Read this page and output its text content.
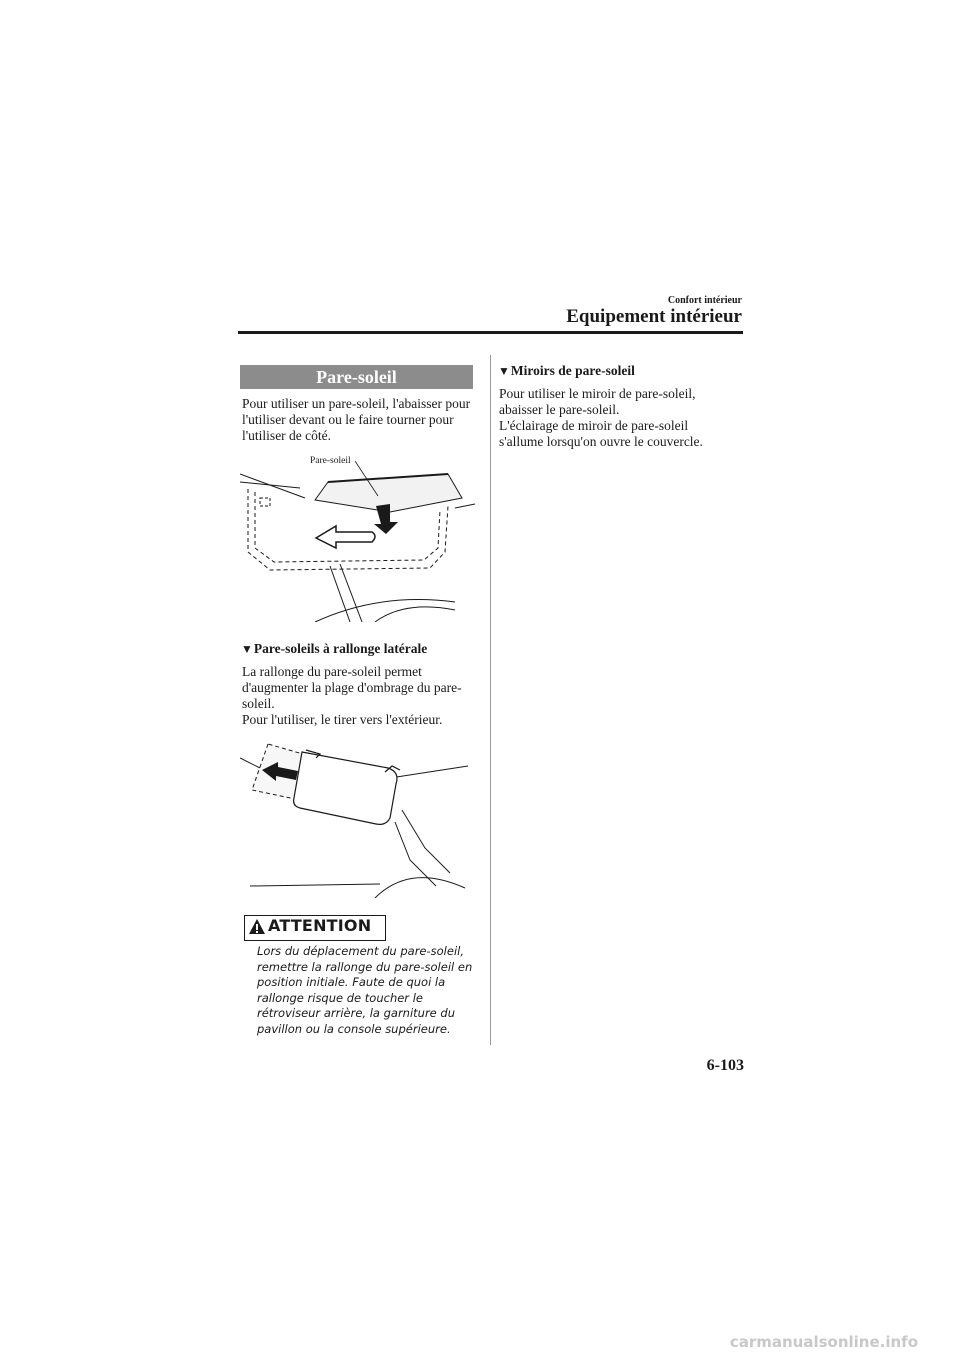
Confort intérieur
Equipement intérieur
Pare-soleil
Pour utiliser un pare-soleil, l'abaisser pour
l'utiliser devant ou le faire tourner pour
l'utiliser de côté.
Pare-soleil
▼Pare-soleils à rallonge latérale
La rallonge du pare-soleil permet
d'augmenter la plage d'ombrage du pare-
soleil.
Pour l'utiliser, le tirer vers l'extérieur.
ATTENTION
Lors du déplacement du pare-soleil,
remettre la rallonge du pare-soleil en
position initiale. Faute de quoi la
rallonge risque de toucher le
rétroviseur arrière, la garniture du
pavillon ou la console supérieure.
▼Miroirs de pare-soleil
Pour utiliser le miroir de pare-soleil,
abaisser le pare-soleil.
L'éclairage de miroir de pare-soleil
s'allume lorsqu'on ouvre le couvercle.
6-103
carmanualsonline.info
